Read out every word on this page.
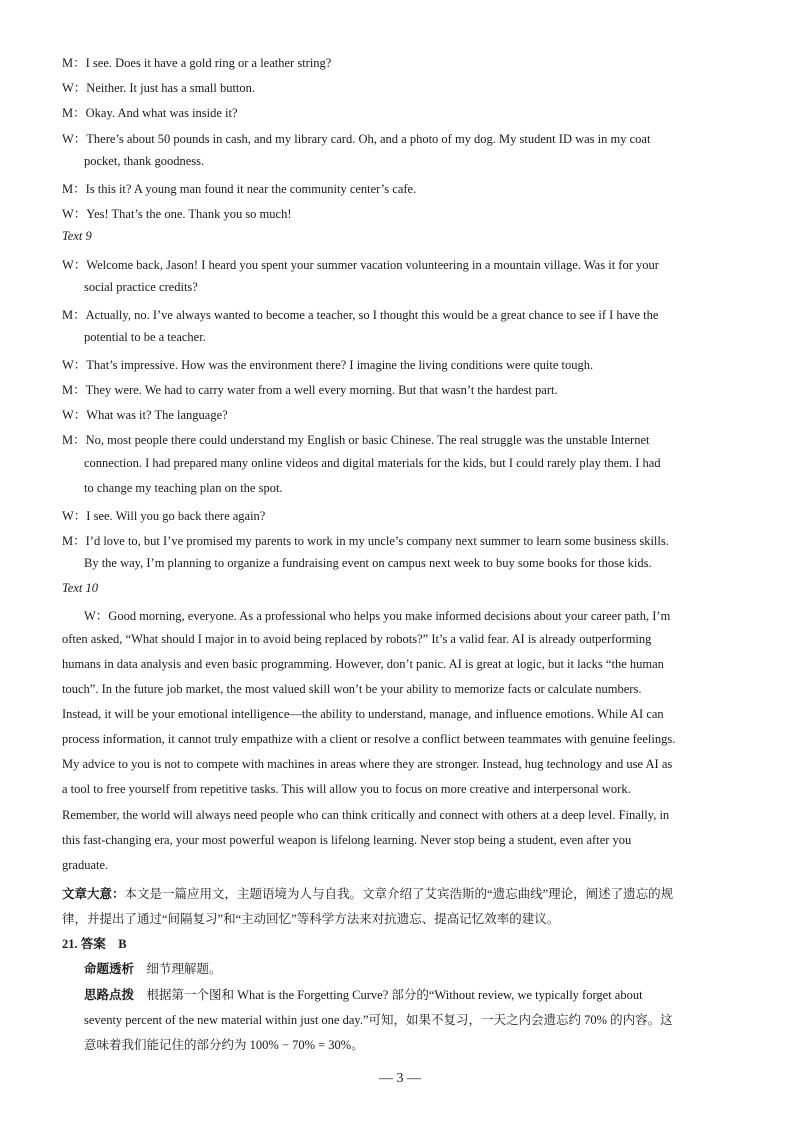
M：I see. Does it have a gold ring or a leather string?
W：Neither. It just has a small button.
M：Okay. And what was inside it?
W：There’s about 50 pounds in cash, and my library card. Oh, and a photo of my dog. My student ID was in my coat
pocket, thank goodness.
M：Is this it? A young man found it near the community center’s cafe.
W：Yes! That’s the one. Thank you so much!
Text 9
W：Welcome back, Jason! I heard you spent your summer vacation volunteering in a mountain village. Was it for your
social practice credits?
M：Actually, no. I’ve always wanted to become a teacher, so I thought this would be a great chance to see if I have the
potential to be a teacher.
W：That’s impressive. How was the environment there? I imagine the living conditions were quite tough.
M：They were. We had to carry water from a well every morning. But that wasn’t the hardest part.
W：What was it? The language?
M：No, most people there could understand my English or basic Chinese. The real struggle was the unstable Internet
connection. I had prepared many online videos and digital materials for the kids, but I could rarely play them. I had
to change my teaching plan on the spot.
W：I see. Will you go back there again?
M：I’d love to, but I’ve promised my parents to work in my uncle’s company next summer to learn some business skills.
By the way, I’m planning to organize a fundraising event on campus next week to buy some books for those kids.
Text 10
W：Good morning, everyone. As a professional who helps you make informed decisions about your career path, I’m
often asked, “What should I major in to avoid being replaced by robots?” It’s a valid fear. AI is already outperforming
humans in data analysis and even basic programming. However, don’t panic. AI is great at logic, but it lacks “the human
touch”. In the future job market, the most valued skill won’t be your ability to memorize facts or calculate numbers.
Instead, it will be your emotional intelligence—the ability to understand, manage, and influence emotions. While AI can
process information, it cannot truly empathize with a client or resolve a conflict between teammates with genuine feelings.
My advice to you is not to compete with machines in areas where they are stronger. Instead, hug technology and use AI as
a tool to free yourself from repetitive tasks. This will allow you to focus on more creative and interpersonal work.
Remember, the world will always need people who can think critically and connect with others at a deep level. Finally, in
this fast-changing era, your most powerful weapon is lifelong learning. Never stop being a student, even after you
graduate.
文章大意：本文是一篇应用文，主题语境为人与自我。文章介绍了艾宾浩斯的“遗忘曲线”理论，阐述了遗忘的规
律，并提出了通过“间隔复习”和“主动回忆”等科学方法来对抗遗忘、提高记忆效率的建议。
21. 答案　B
命题透析　细节理解题。
思路点拨　根据第一个图和 What is the Forgetting Curve? 部分的“Without review, we typically forget about
seventy percent of the new material within just one day.”可知，如果不复习，一天之内会遗忘约 70% 的内容。这
意味着我们能记住的部分约为 100% − 70% = 30%。
— 3 —
